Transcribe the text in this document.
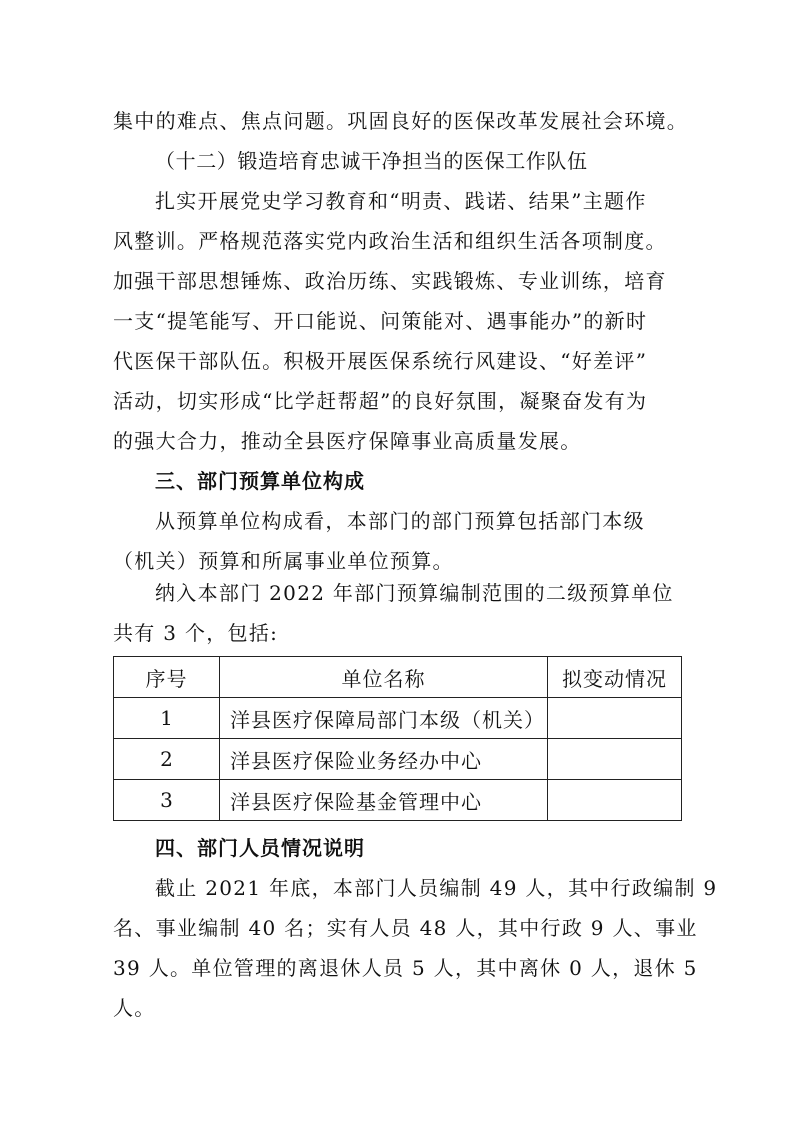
集中的难点、焦点问题。巩固良好的医保改革发展社会环境。
（十二）锻造培育忠诚干净担当的医保工作队伍
扎实开展党史学习教育和“明责、践诺、结果”主题作
风整训。严格规范落实党内政治生活和组织生活各项制度。
加强干部思想锤炼、政治历练、实践锻炼、专业训练，培育
一支“提笔能写、开口能说、问策能对、遇事能办”的新时
代医保干部队伍。积极开展医保系统行风建设、“好差评”
活动，切实形成“比学赶帮超”的良好氛围，凝聚奋发有为
的强大合力，推动全县医疗保障事业高质量发展。
三、部门预算单位构成
从预算单位构成看，本部门的部门预算包括部门本级
（机关）预算和所属事业单位预算。
纳入本部门 2022 年部门预算编制范围的二级预算单位
共有 3 个，包括:
序号	单位名称	拟变动情况
1	洋县医疗保障局部门本级（机关）	
2	洋县医疗保险业务经办中心	
3	洋县医疗保险基金管理中心	
四、部门人员情况说明
截止 2021 年底，本部门人员编制 49 人，其中行政编制 9
名、事业编制 40 名；实有人员 48 人，其中行政 9 人、事业
39 人。单位管理的离退休人员 5 人，其中离休 0 人，退休 5
人。
